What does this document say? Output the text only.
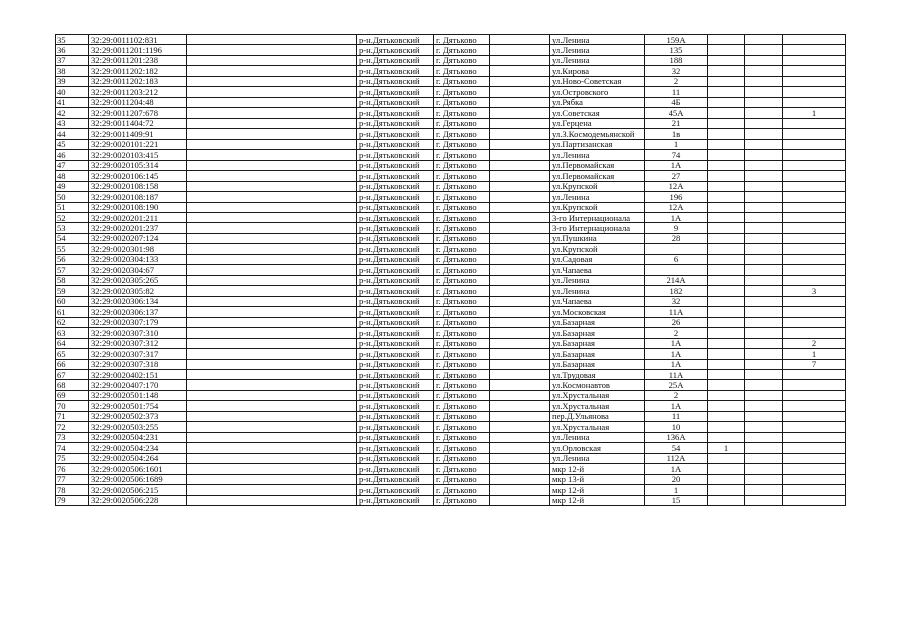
35	32:29:0011102:831		р-н.Дятьковский	г. Дятьково		ул.Ленина	159А			
36	32:29:0011201:1196		р-н.Дятьковский	г. Дятьково		ул.Ленина	135			
37	32:29:0011201:238		р-н.Дятьковский	г. Дятьково		ул.Ленина	188			
38	32:29:0011202:182		р-н.Дятьковский	г. Дятьково		ул.Кирова	32			
39	32:29:0011202:183		р-н.Дятьковский	г. Дятьково		ул.Ново-Советская	2			
40	32:29:0011203:212		р-н.Дятьковский	г. Дятьково		ул.Островского	11			
41	32:29:0011204:48		р-н.Дятьковский	г. Дятьково		ул.Рябка	4Б			
42	32:29:0011207:678		р-н.Дятьковский	г. Дятьково		ул.Советская	45А			1
43	32:29:0011404:72		р-н.Дятьковский	г. Дятьково		ул.Герцена	21			
44	32:29:0011409:91		р-н.Дятьковский	г. Дятьково		ул.З.Космодемьянской	1в			
45	32:29:0020101:221		р-н.Дятьковский	г. Дятьково		ул.Партизанская	1			
46	32:29:0020103:415		р-н.Дятьковский	г. Дятьково		ул.Ленина	74			
47	32:29:0020105:314		р-н.Дятьковский	г. Дятьково		ул.Первомайская	1А			
48	32:29:0020106:145		р-н.Дятьковский	г. Дятьково		ул.Первомайская	27			
49	32:29:0020108:158		р-н.Дятьковский	г. Дятьково		ул.Крупской	12А			
50	32:29:0020108:187		р-н.Дятьковский	г. Дятьково		ул.Ленина	196			
51	32:29:0020108:190		р-н.Дятьковский	г. Дятьково		ул.Крупской	12А			
52	32:29:0020201:211		р-н.Дятьковский	г. Дятьково		3-го Интернационала	1А			
53	32:29:0020201:237		р-н.Дятьковский	г. Дятьково		3-го Интернационала	9			
54	32:29:0020207:124		р-н.Дятьковский	г. Дятьково		ул.Пушкина	28			
55	32:29:0020301:98		р-н.Дятьковский	г. Дятьково		ул.Крупской				
56	32:29:0020304:133		р-н.Дятьковский	г. Дятьково		ул.Садовая	6			
57	32:29:0020304:67		р-н.Дятьковский	г. Дятьково		ул.Чапаева				
58	32:29:0020305:265		р-н.Дятьковский	г. Дятьково		ул.Ленина	214А			
59	32:29:0020305:82		р-н.Дятьковский	г. Дятьково		ул.Ленина	182			3
60	32:29:0020306:134		р-н.Дятьковский	г. Дятьково		ул.Чапаева	32			
61	32:29:0020306:137		р-н.Дятьковский	г. Дятьково		ул.Московская	11А			
62	32:29:0020307:179		р-н.Дятьковский	г. Дятьково		ул.Базарная	26			
63	32:29:0020307:310		р-н.Дятьковский	г. Дятьково		ул.Базарная	2			
64	32:29:0020307:312		р-н.Дятьковский	г. Дятьково		ул.Базарная	1А			2
65	32:29:0020307:317		р-н.Дятьковский	г. Дятьково		ул.Базарная	1А			1
66	32:29:0020307:318		р-н.Дятьковский	г. Дятьково		ул.Базарная	1А			7
67	32:29:0020402:151		р-н.Дятьковский	г. Дятьково		ул.Трудовая	11А			
68	32:29:0020407:170		р-н.Дятьковский	г. Дятьково		ул.Космонавтов	25А			
69	32:29:0020501:148		р-н.Дятьковский	г. Дятьково		ул.Хрустальная	2			
70	32:29:0020501:754		р-н.Дятьковский	г. Дятьково		ул.Хрустальная	1А			
71	32:29:0020502:373		р-н.Дятьковский	г. Дятьково		пер.Д.Ульянова	11			
72	32:29:0020503:255		р-н.Дятьковский	г. Дятьково		ул.Хрустальная	10			
73	32:29:0020504:231		р-н.Дятьковский	г. Дятьково		ул.Ленина	136А			
74	32:29:0020504:234		р-н.Дятьковский	г. Дятьково		ул.Орловская	54	1		
75	32:29:0020504:264		р-н.Дятьковский	г. Дятьково		ул.Ленина	112А			
76	32:29:0020506:1601		р-н.Дятьковский	г. Дятьково		мкр 12-й	1А			
77	32:29:0020506:1689		р-н.Дятьковский	г. Дятьково		мкр 13-й	20			
78	32:29:0020506:215		р-н.Дятьковский	г. Дятьково		мкр 12-й	1			
79	32:29:0020506:228		р-н.Дятьковский	г. Дятьково		мкр 12-й	15			
